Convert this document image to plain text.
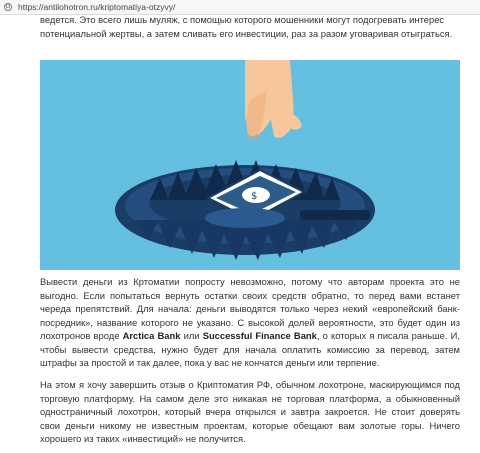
G https://antilohotron.ru/kriptomatiya-otzyvy/

ведется. Это всего лишь муляж, с помощью которого мошенники могут подогревать интерес

потенциальной жертвы, а затем сливать его инвестиции, раз за разом уговаривая отыграться.

$

Вывести деньги из Кртоматии попросту невозможно, потому что авторам проекта это не выгодно. Если попытаться вернуть остатки своих средств обратно, то перед вами встанет череда препятствий. Для начала: деньги выводятся только через некий «европейский банк-посредник», название которого не указано. С высокой долей вероятности, это будет один из лохотронов вроде Arctica Bank или Successful Finance Bank, о которых я писала раньше. И, чтобы вывести средства, нужно будет для начала оплатить комиссию за перевод, затем штрафы за простой и так далее, пока у вас не кончатся деньги или терпение.

На этом я хочу завершить отзыв о Криптоматия РФ, обычном лохотроне, маскирующимся под торговую платформу. На самом деле это никакая не торговая платформа, а обыкновенный одностраничный лохотрон, который вчера открылся и завтра закроется. Не стоит доверять свои деньги никому не известным проектам, которые обещают вам золотые горы. Ничего хорошего из таких «инвестиций» не получится.
